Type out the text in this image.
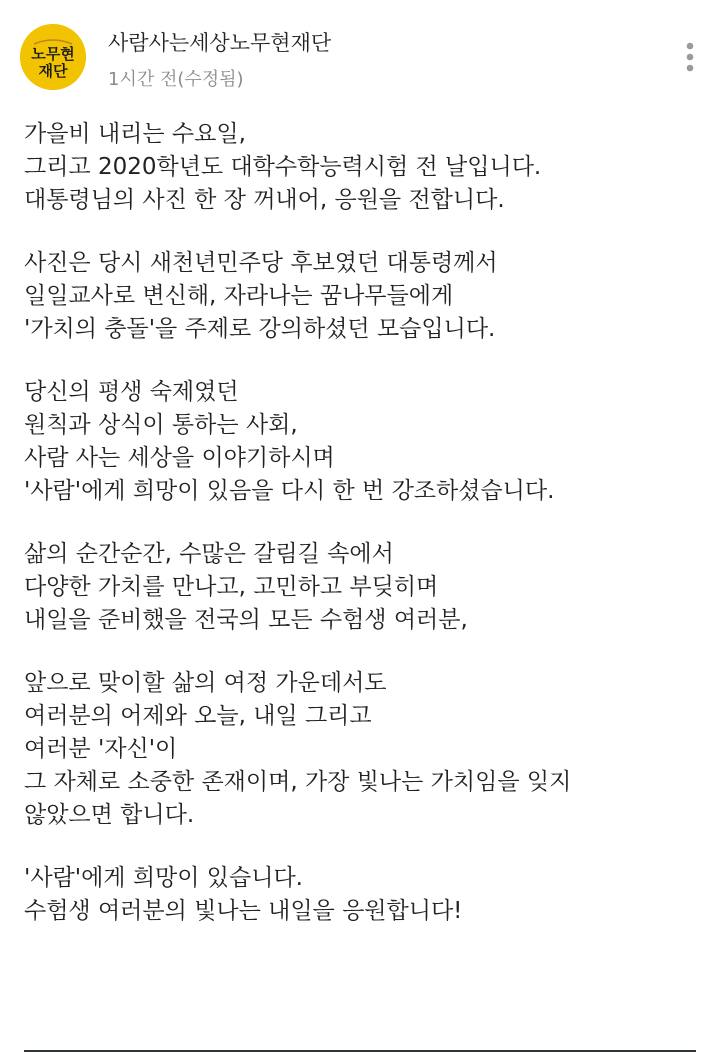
노무현
재단
사람사는세상노무현재단
1시간 전(수정됨)
가을비 내리는 수요일,
그리고 2020학년도 대학수학능력시험 전 날입니다.
대통령님의 사진 한 장 꺼내어, 응원을 전합니다.
사진은 당시 새천년민주당 후보였던 대통령께서
일일교사로 변신해, 자라나는 꿈나무들에게
'가치의 충돌'을 주제로 강의하셨던 모습입니다.
당신의 평생 숙제였던
원칙과 상식이 통하는 사회,
사람 사는 세상을 이야기하시며
'사람'에게 희망이 있음을 다시 한 번 강조하셨습니다.
삶의 순간순간, 수많은 갈림길 속에서
다양한 가치를 만나고, 고민하고 부딪히며
내일을 준비했을 전국의 모든 수험생 여러분,
앞으로 맞이할 삶의 여정 가운데서도
여러분의 어제와 오늘, 내일 그리고
여러분 '자신'이
그 자체로 소중한 존재이며, 가장 빛나는 가치임을 잊지
않았으면 합니다.
'사람'에게 희망이 있습니다.
수험생 여러분의 빛나는 내일을 응원합니다!
